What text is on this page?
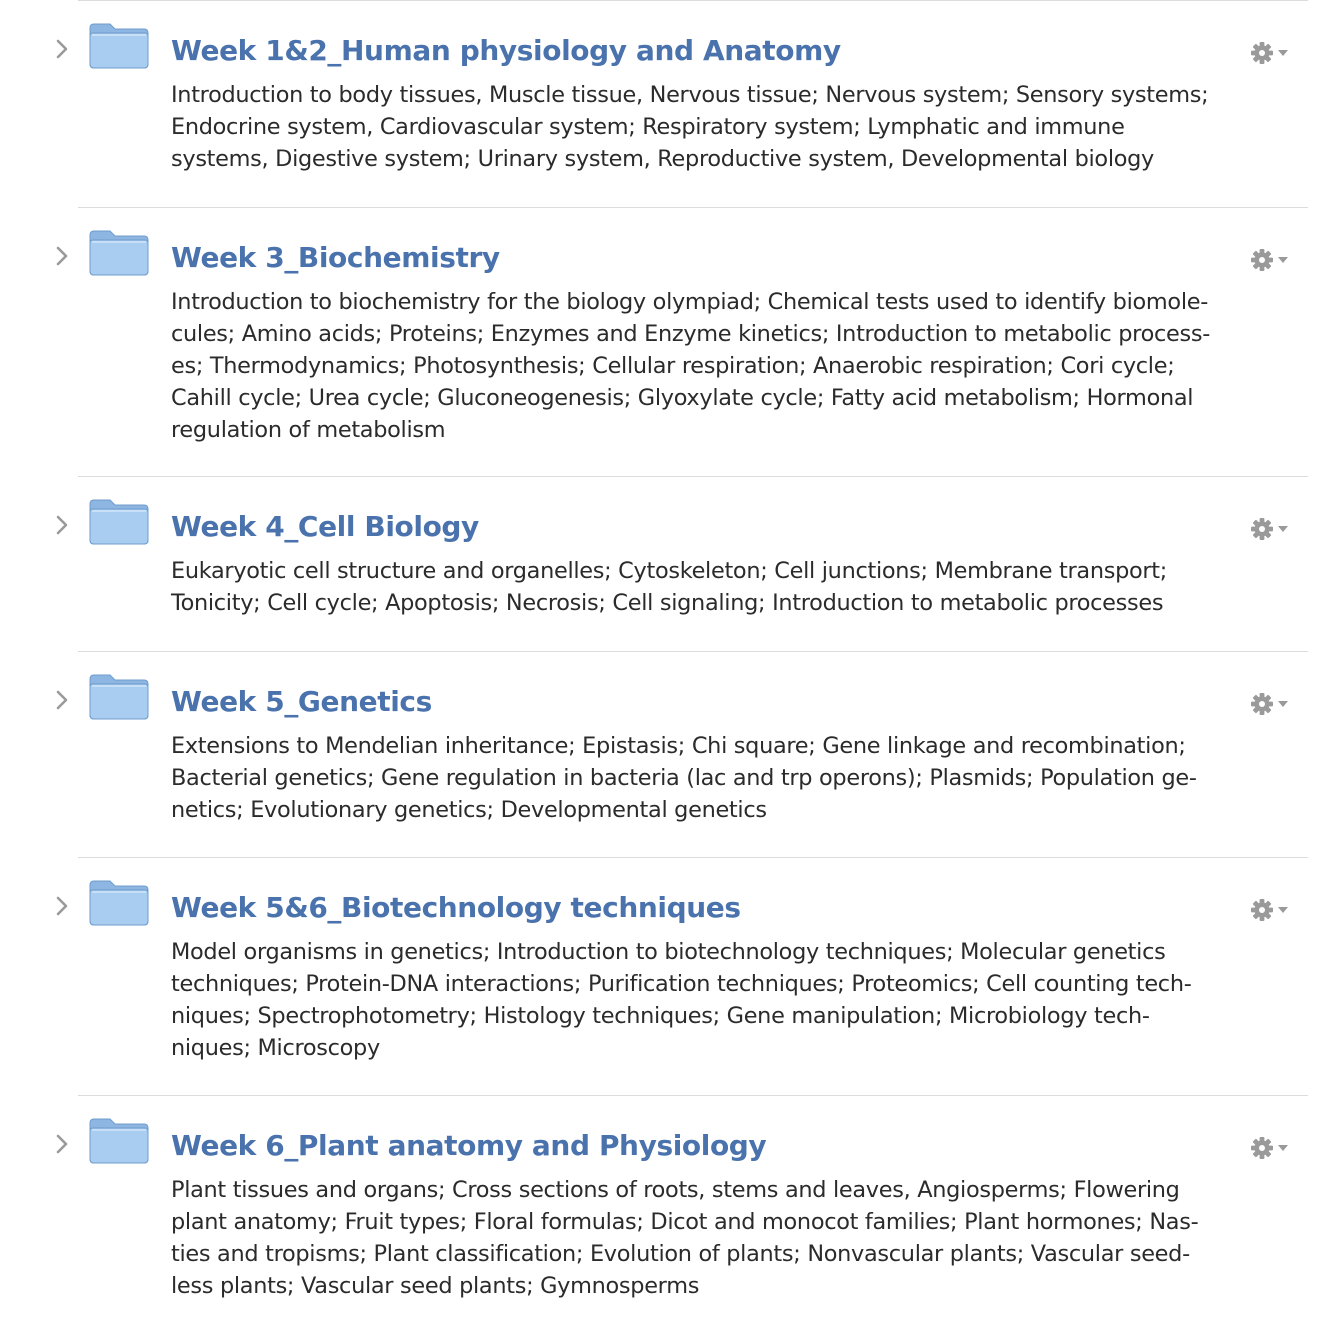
Week 1&2_Human physiology and Anatomy

Introduction to body tissues, Muscle tissue, Nervous tissue; Nervous system; Sensory systems;
Endocrine system, Cardiovascular system; Respiratory system; Lymphatic and immune
systems, Digestive system; Urinary system, Reproductive system, Developmental biology

Week 3_Biochemistry

Introduction to biochemistry for the biology olympiad; Chemical tests used to identify biomole-
cules; Amino acids; Proteins; Enzymes and Enzyme kinetics; Introduction to metabolic process-
es; Thermodynamics; Photosynthesis; Cellular respiration; Anaerobic respiration; Cori cycle;
Cahill cycle; Urea cycle; Gluconeogenesis; Glyoxylate cycle; Fatty acid metabolism; Hormonal
regulation of metabolism

Week 4_Cell Biology

Eukaryotic cell structure and organelles; Cytoskeleton; Cell junctions; Membrane transport;
Tonicity; Cell cycle; Apoptosis; Necrosis; Cell signaling; Introduction to metabolic processes

Week 5_Genetics

Extensions to Mendelian inheritance; Epistasis; Chi square; Gene linkage and recombination;
Bacterial genetics; Gene regulation in bacteria (lac and trp operons); Plasmids; Population ge-
netics; Evolutionary genetics; Developmental genetics

Week 5&6_Biotechnology techniques

Model organisms in genetics; Introduction to biotechnology techniques; Molecular genetics
techniques; Protein-DNA interactions; Purification techniques; Proteomics; Cell counting tech-
niques; Spectrophotometry; Histology techniques; Gene manipulation; Microbiology tech-
niques; Microscopy

Week 6_Plant anatomy and Physiology

Plant tissues and organs; Cross sections of roots, stems and leaves, Angiosperms; Flowering
plant anatomy; Fruit types; Floral formulas; Dicot and monocot families; Plant hormones; Nas-
ties and tropisms; Plant classification; Evolution of plants; Nonvascular plants; Vascular seed-
less plants; Vascular seed plants; Gymnosperms
